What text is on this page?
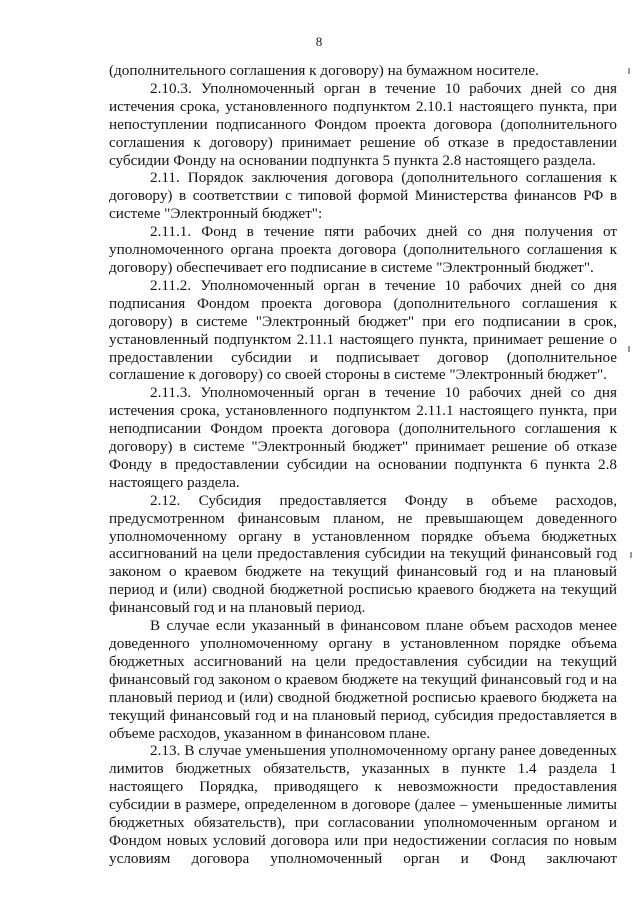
8

(дополнительного соглашения к договору) на бумажном носителе.

2.10.3. Уполномоченный орган в течение 10 рабочих дней со дня истечения срока, установленного подпунктом 2.10.1 настоящего пункта, при непоступлении подписанного Фондом проекта договора (дополнительного соглашения к договору) принимает решение об отказе в предоставлении субсидии Фонду на основании подпункта 5 пункта 2.8 настоящего раздела.

2.11. Порядок заключения договора (дополнительного соглашения к договору) в соответствии с типовой формой Министерства финансов РФ в системе "Электронный бюджет":

2.11.1. Фонд в течение пяти рабочих дней со дня получения от уполномоченного органа проекта договора (дополнительного соглашения к договору) обеспечивает его подписание в системе "Электронный бюджет".

2.11.2. Уполномоченный орган в течение 10 рабочих дней со дня подписания Фондом проекта договора (дополнительного соглашения к договору) в системе "Электронный бюджет" при его подписании в срок, установленный подпунктом 2.11.1 настоящего пункта, принимает решение о предоставлении субсидии и подписывает договор (дополнительное соглашение к договору) со своей стороны в системе "Электронный бюджет".

2.11.3. Уполномоченный орган в течение 10 рабочих дней со дня истечения срока, установленного подпунктом 2.11.1 настоящего пункта, при неподписании Фондом проекта договора (дополнительного соглашения к договору) в системе "Электронный бюджет" принимает решение об отказе Фонду в предоставлении субсидии на основании подпункта 6 пункта 2.8 настоящего раздела.

2.12. Субсидия предоставляется Фонду в объеме расходов, предусмотренном финансовым планом, не превышающем доведенного уполномоченному органу в установленном порядке объема бюджетных ассигнований на цели предоставления субсидии на текущий финансовый год законом о краевом бюджете на текущий финансовый год и на плановый период и (или) сводной бюджетной росписью краевого бюджета на текущий финансовый год и на плановый период.

В случае если указанный в финансовом плане объем расходов менее доведенного уполномоченному органу в установленном порядке объема бюджетных ассигнований на цели предоставления субсидии на текущий финансовый год законом о краевом бюджете на текущий финансовый год и на плановый период и (или) сводной бюджетной росписью краевого бюджета на текущий финансовый год и на плановый период, субсидия предоставляется в объеме расходов, указанном в финансовом плане.

2.13. В случае уменьшения уполномоченному органу ранее доведенных лимитов бюджетных обязательств, указанных в пункте 1.4 раздела 1 настоящего Порядка, приводящего к невозможности предоставления субсидии в размере, определенном в договоре (далее – уменьшенные лимиты бюджетных обязательств), при согласовании уполномоченным органом и Фондом новых условий договора или при недостижении согласия по новым условиям договора уполномоченный орган и Фонд заключают
